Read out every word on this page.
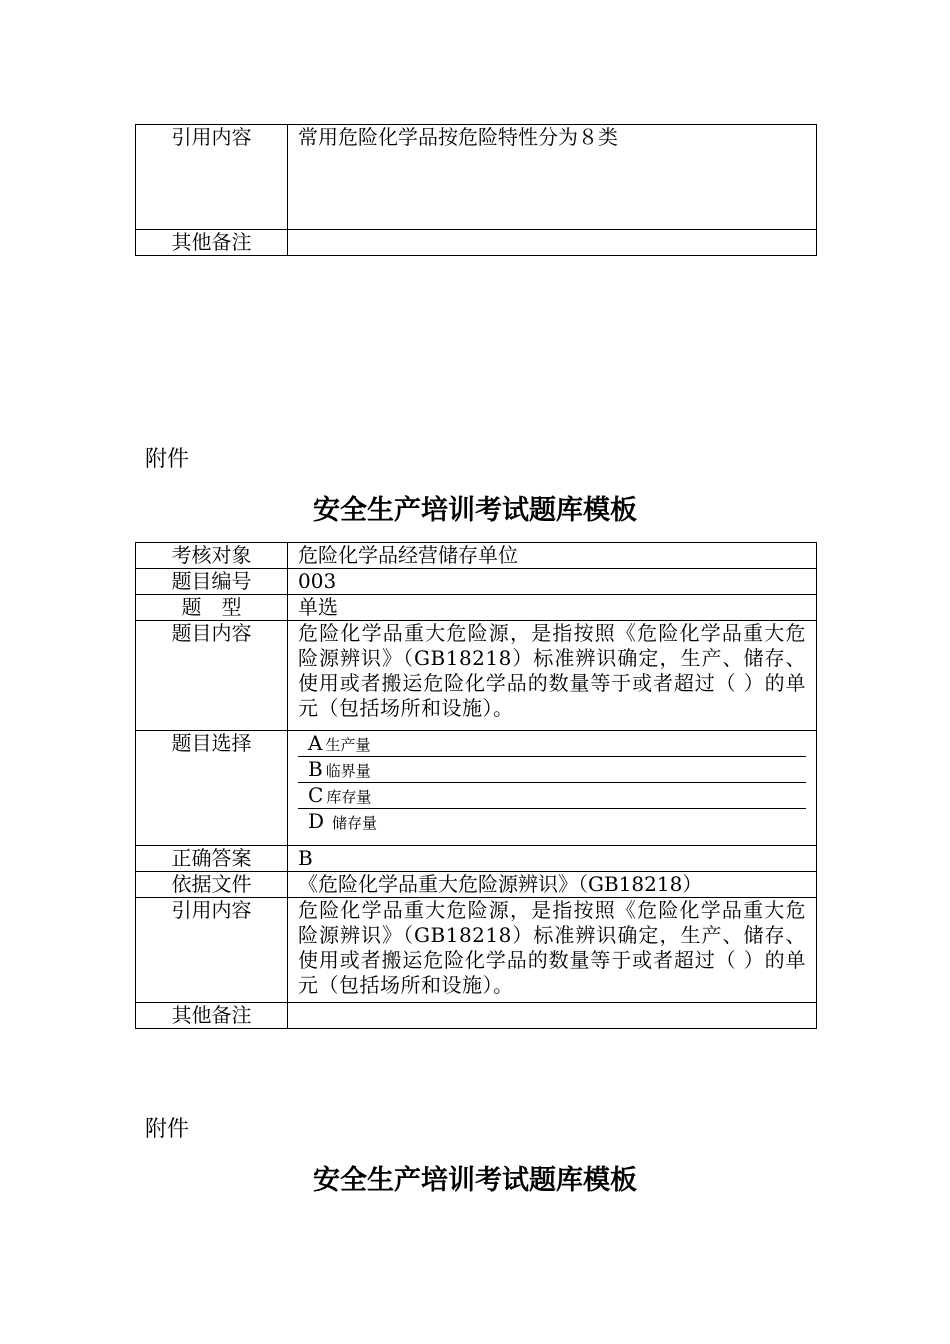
引用内容	常用危险化学品按危险特性分为８类
其他备注	
附件
安全生产培训考试题库模板
考核对象	危险化学品经营储存单位
题目编号	003
题　型	单选
题目内容	危险化学品重大危险源，是指按照《危险化学品重大危险源辨识》（GB18218）标准辨识确定，生产、储存、使用或者搬运危险化学品的数量等于或者超过（ ）的单元（包括场所和设施）。
题目选择	A 生产量
B 临界量
C 库存量
D 储存量

正确答案	B
依据文件	《危险化学品重大危险源辨识》（GB18218）
引用内容	危险化学品重大危险源，是指按照《危险化学品重大危险源辨识》（GB18218）标准辨识确定，生产、储存、使用或者搬运危险化学品的数量等于或者超过（ ）的单元（包括场所和设施）。
其他备注	
附件
安全生产培训考试题库模板
